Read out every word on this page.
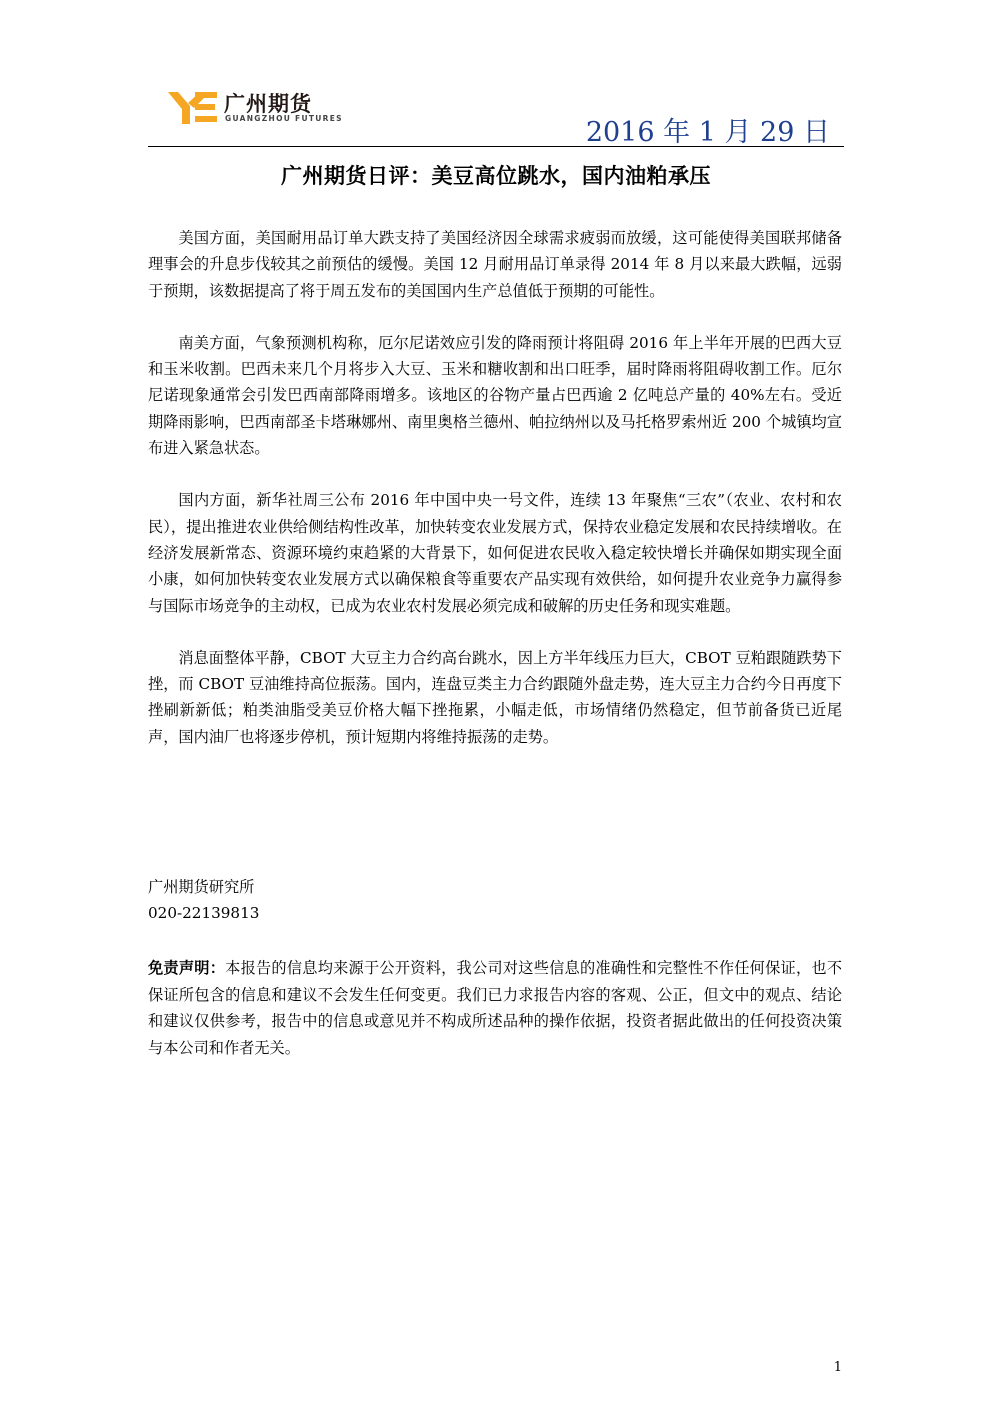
广州期货
GUANGZHOU FUTURES	2016 年 1 月 29 日
广州期货日评：美豆高位跳水，国内油粕承压

美国方面，美国耐用品订单大跌支持了美国经济因全球需求疲弱而放缓，这可能使得美国联邦储备理事会的升息步伐较其之前预估的缓慢。美国 12 月耐用品订单录得 2014 年 8 月以来最大跌幅，远弱于预期，该数据提高了将于周五发布的美国国内生产总值低于预期的可能性。

南美方面，气象预测机构称，厄尔尼诺效应引发的降雨预计将阻碍 2016 年上半年开展的巴西大豆和玉米收割。巴西未来几个月将步入大豆、玉米和糖收割和出口旺季，届时降雨将阻碍收割工作。厄尔尼诺现象通常会引发巴西南部降雨增多。该地区的谷物产量占巴西逾 2 亿吨总产量的 40%左右。受近期降雨影响，巴西南部圣卡塔琳娜州、南里奥格兰德州、帕拉纳州以及马托格罗索州近 200 个城镇均宣布进入紧急状态。

国内方面，新华社周三公布 2016 年中国中央一号文件，连续 13 年聚焦“三农”（农业、农村和农民），提出推进农业供给侧结构性改革，加快转变农业发展方式，保持农业稳定发展和农民持续增收。在经济发展新常态、资源环境约束趋紧的大背景下，如何促进农民收入稳定较快增长并确保如期实现全面小康，如何加快转变农业发展方式以确保粮食等重要农产品实现有效供给，如何提升农业竞争力赢得参与国际市场竞争的主动权，已成为农业农村发展必须完成和破解的历史任务和现实难题。

消息面整体平静，CBOT 大豆主力合约高台跳水，因上方半年线压力巨大，CBOT 豆粕跟随跌势下挫，而 CBOT 豆油维持高位振荡。国内，连盘豆类主力合约跟随外盘走势，连大豆主力合约今日再度下挫刷新新低；粕类油脂受美豆价格大幅下挫拖累，小幅走低，市场情绪仍然稳定，但节前备货已近尾声，国内油厂也将逐步停机，预计短期内将维持振荡的走势。

广州期货研究所
020-22139813
免责声明：本报告的信息均来源于公开资料，我公司对这些信息的准确性和完整性不作任何保证，也不保证所包含的信息和建议不会发生任何变更。我们已力求报告内容的客观、公正，但文中的观点、结论和建议仅供参考，报告中的信息或意见并不构成所述品种的操作依据，投资者据此做出的任何投资决策与本公司和作者无关。
1
